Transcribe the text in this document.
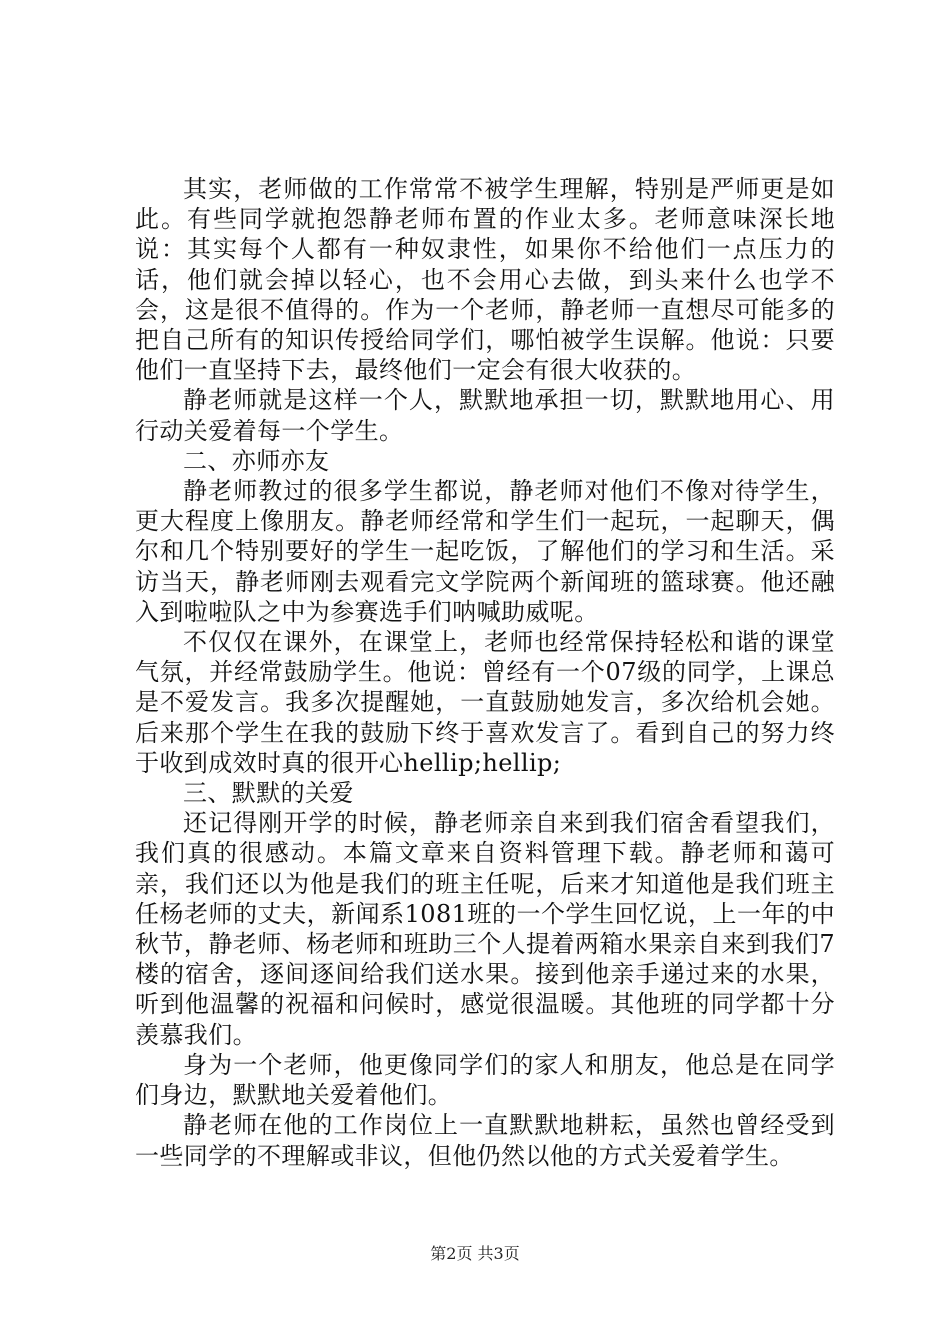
其实，老师做的工作常常不被学生理解，特别是严师更是如此。有些同学就抱怨静老师布置的作业太多。老师意味深长地说：其实每个人都有一种奴隶性，如果你不给他们一点压力的话，他们就会掉以轻心，也不会用心去做，到头来什么也学不会，这是很不值得的。作为一个老师，静老师一直想尽可能多的把自己所有的知识传授给同学们，哪怕被学生误解。他说：只要他们一直坚持下去，最终他们一定会有很大收获的。

静老师就是这样一个人，默默地承担一切，默默地用心、用行动关爱着每一个学生。

二、亦师亦友

静老师教过的很多学生都说，静老师对他们不像对待学生，更大程度上像朋友。静老师经常和学生们一起玩，一起聊天，偶尔和几个特别要好的学生一起吃饭，了解他们的学习和生活。采访当天，静老师刚去观看完文学院两个新闻班的篮球赛。他还融入到啦啦队之中为参赛选手们呐喊助威呢。

不仅仅在课外，在课堂上，老师也经常保持轻松和谐的课堂气氛，并经常鼓励学生。他说：曾经有一个07级的同学，上课总是不爱发言。我多次提醒她，一直鼓励她发言，多次给机会她。后来那个学生在我的鼓励下终于喜欢发言了。看到自己的努力终于收到成效时真的很开心hellip;hellip;

三、默默的关爱

还记得刚开学的时候，静老师亲自来到我们宿舍看望我们，我们真的很感动。本篇文章来自资料管理下载。静老师和蔼可亲，我们还以为他是我们的班主任呢，后来才知道他是我们班主任杨老师的丈夫，新闻系1081班的一个学生回忆说，上一年的中秋节，静老师、杨老师和班助三个人提着两箱水果亲自来到我们7楼的宿舍，逐间逐间给我们送水果。接到他亲手递过来的水果，听到他温馨的祝福和问候时，感觉很温暖。其他班的同学都十分羡慕我们。

身为一个老师，他更像同学们的家人和朋友，他总是在同学们身边，默默地关爱着他们。

静老师在他的工作岗位上一直默默地耕耘，虽然也曾经受到一些同学的不理解或非议，但他仍然以他的方式关爱着学生。

第2页 共3页
